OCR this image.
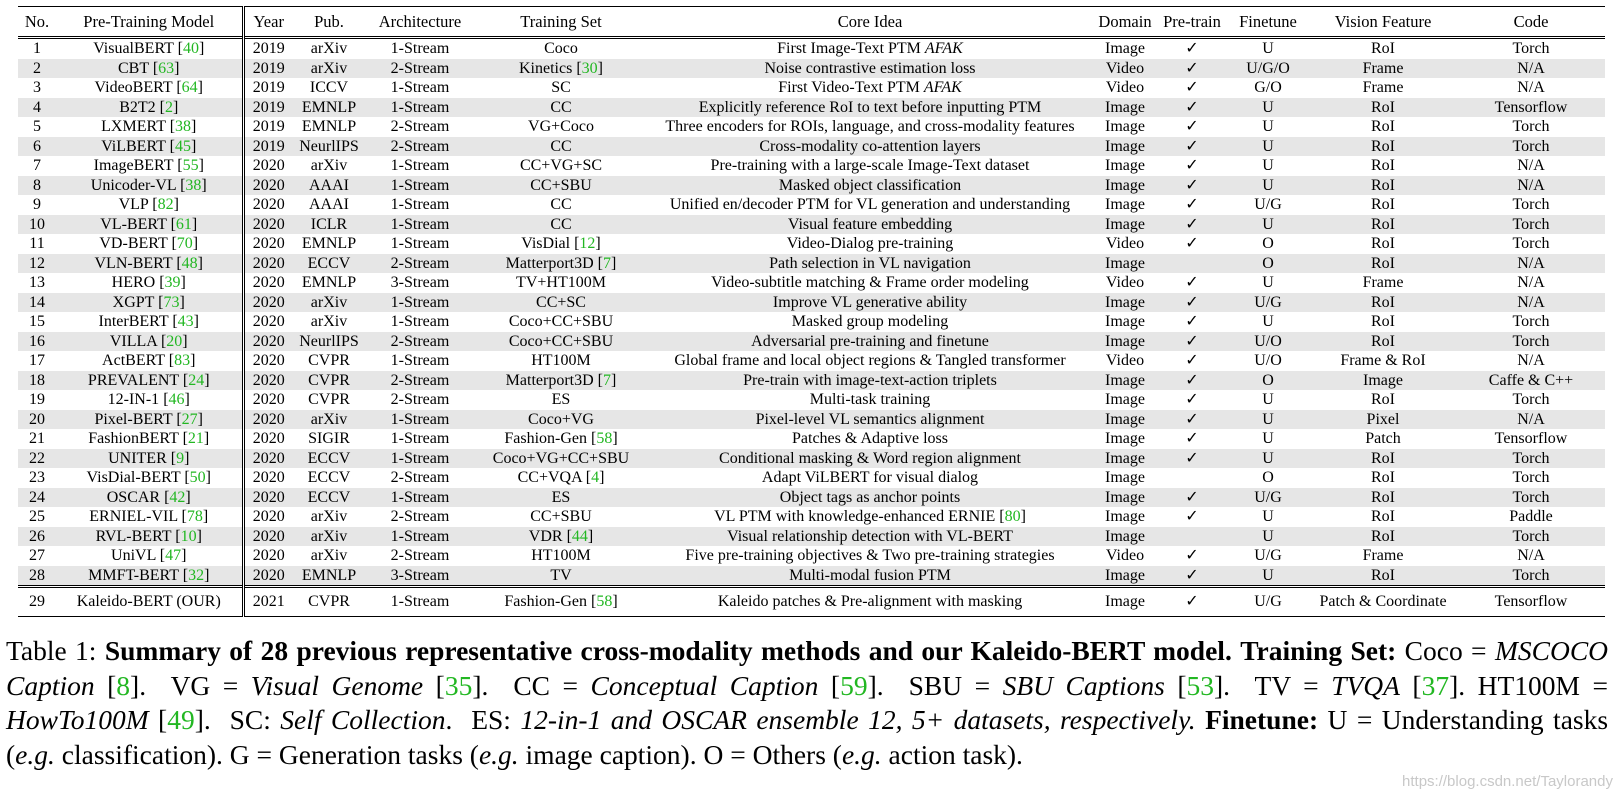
No.	Pre-Training Model	Year	Pub.	Architecture	Training Set	Core Idea	Domain	Pre-train	Finetune	Vision Feature	Code
1	VisualBERT [40]	2019	arXiv	1-Stream	Coco	First Image-Text PTM AFAK	Image	✓	U	RoI	Torch
2	CBT [63]	2019	arXiv	2-Stream	Kinetics [30]	Noise contrastive estimation loss	Video	✓	U/G/O	Frame	N/A
3	VideoBERT [64]	2019	ICCV	1-Stream	SC	First Video-Text PTM AFAK	Video	✓	G/O	Frame	N/A
4	B2T2 [2]	2019	EMNLP	1-Stream	CC	Explicitly reference RoI to text before inputting PTM	Image	✓	U	RoI	Tensorflow
5	LXMERT [38]	2019	EMNLP	2-Stream	VG+Coco	Three encoders for ROIs, language, and cross-modality features	Image	✓	U	RoI	Torch
6	ViLBERT [45]	2019	NeurlIPS	2-Stream	CC	Cross-modality co-attention layers	Image	✓	U	RoI	Torch
7	ImageBERT [55]	2020	arXiv	1-Stream	CC+VG+SC	Pre-training with a large-scale Image-Text dataset	Image	✓	U	RoI	N/A
8	Unicoder-VL [38]	2020	AAAI	1-Stream	CC+SBU	Masked object classification	Image	✓	U	RoI	N/A
9	VLP [82]	2020	AAAI	1-Stream	CC	Unified en/decoder PTM for VL generation and understanding	Image	✓	U/G	RoI	Torch
10	VL-BERT [61]	2020	ICLR	1-Stream	CC	Visual feature embedding	Image	✓	U	RoI	Torch
11	VD-BERT [70]	2020	EMNLP	1-Stream	VisDial [12]	Video-Dialog pre-training	Video	✓	O	RoI	Torch
12	VLN-BERT [48]	2020	ECCV	2-Stream	Matterport3D [7]	Path selection in VL navigation	Image		O	RoI	N/A
13	HERO [39]	2020	EMNLP	3-Stream	TV+HT100M	Video-subtitle matching & Frame order modeling	Video	✓	U	Frame	N/A
14	XGPT [73]	2020	arXiv	1-Stream	CC+SC	Improve VL generative ability	Image	✓	U/G	RoI	N/A
15	InterBERT [43]	2020	arXiv	1-Stream	Coco+CC+SBU	Masked group modeling	Image	✓	U	RoI	Torch
16	VILLA [20]	2020	NeurlIPS	2-Stream	Coco+CC+SBU	Adversarial pre-training and finetune	Image	✓	U/O	RoI	Torch
17	ActBERT [83]	2020	CVPR	1-Stream	HT100M	Global frame and local object regions & Tangled transformer	Video	✓	U/O	Frame & RoI	N/A
18	PREVALENT [24]	2020	CVPR	2-Stream	Matterport3D [7]	Pre-train with image-text-action triplets	Image	✓	O	Image	Caffe & C++
19	12-IN-1 [46]	2020	CVPR	2-Stream	ES	Multi-task training	Image	✓	U	RoI	Torch
20	Pixel-BERT [27]	2020	arXiv	1-Stream	Coco+VG	Pixel-level VL semantics alignment	Image	✓	U	Pixel	N/A
21	FashionBERT [21]	2020	SIGIR	1-Stream	Fashion-Gen [58]	Patches & Adaptive loss	Image	✓	U	Patch	Tensorflow
22	UNITER [9]	2020	ECCV	1-Stream	Coco+VG+CC+SBU	Conditional masking & Word region alignment	Image	✓	U	RoI	Torch
23	VisDial-BERT [50]	2020	ECCV	2-Stream	CC+VQA [4]	Adapt ViLBERT for visual dialog	Image		O	RoI	Torch
24	OSCAR [42]	2020	ECCV	1-Stream	ES	Object tags as anchor points	Image	✓	U/G	RoI	Torch
25	ERNIEL-VIL [78]	2020	arXiv	2-Stream	CC+SBU	VL PTM with knowledge-enhanced ERNIE [80]	Image	✓	U	RoI	Paddle
26	RVL-BERT [10]	2020	arXiv	1-Stream	VDR [44]	Visual relationship detection with VL-BERT	Image		U	RoI	Torch
27	UniVL [47]	2020	arXiv	2-Stream	HT100M	Five pre-training objectives & Two pre-training strategies	Video	✓	U/G	Frame	N/A
28	MMFT-BERT [32]	2020	EMNLP	3-Stream	TV	Multi-modal fusion PTM	Image	✓	U	RoI	Torch
29	Kaleido-BERT (OUR)	2021	CVPR	1-Stream	Fashion-Gen [58]	Kaleido patches & Pre-alignment with masking	Image	✓	U/G	Patch & Coordinate	Tensorflow
Table 1: Summary of 28 previous representative cross-modality methods and our Kaleido-BERT model. Training Set: Coco = MSCOCO Caption [8].  VG = Visual Genome [35].  CC = Conceptual Caption [59].  SBU = SBU Captions [53].  TV = TVQA [37]. HT100M = HowTo100M [49].  SC: Self Collection.  ES: 12-in-1 and OSCAR ensemble 12, 5+ datasets, respectively. Finetune: U = Understanding tasks (e.g. classification). G = Generation tasks (e.g. image caption). O = Others (e.g. action task).
https://blog.csdn.net/Taylorandy
